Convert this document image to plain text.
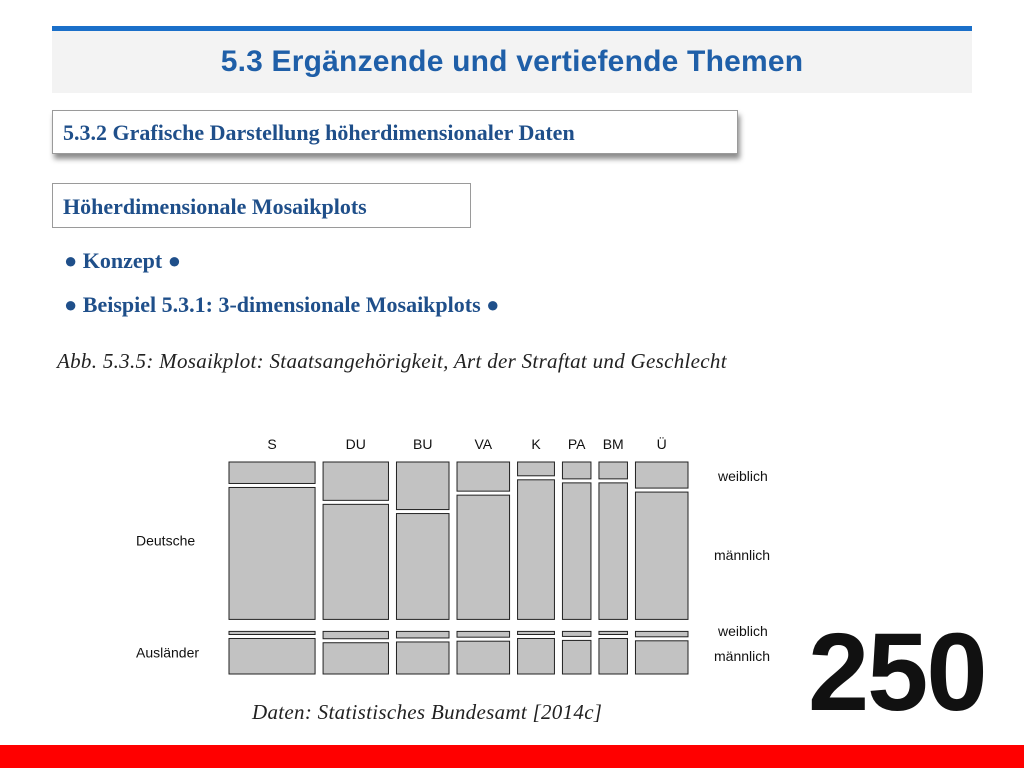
5.3 Ergänzende und vertiefende Themen
5.3.2 Grafische Darstellung höherdimensionaler Daten
Höherdimensionale Mosaikplots
● Konzept ●
● Beispiel 5.3.1: 3-dimensionale Mosaikplots ●
Abb. 5.3.5: Mosaikplot: Staatsangehörigkeit, Art der Straftat und Geschlecht
S	DU	BU	VA	K PA BM Ü
Deutsche
Ausländer
weiblich
männlich
weiblich
männlich
Daten: Statistisches Bundesamt [2014c] 250
